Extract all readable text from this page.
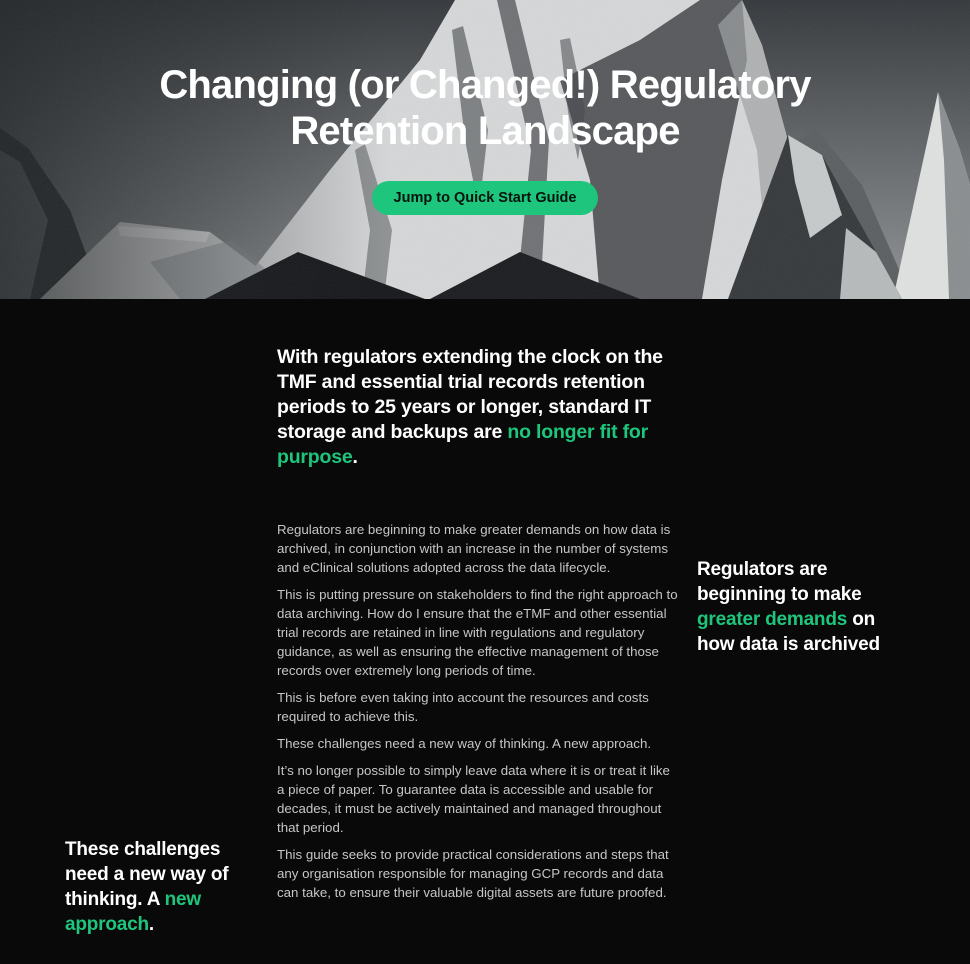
Changing (or Changed!) Regulatory
Retention Landscape
Jump to Quick Start Guide
With regulators extending the clock on the TMF and essential trial records retention periods to 25 years or longer, standard IT storage and backups are no longer fit for purpose.
Regulators are beginning to make greater demands on how data is archived

Regulators are beginning to make greater demands on how data is archived, in conjunction with an increase in the number of systems and eClinical solutions adopted across the data lifecycle.

This is putting pressure on stakeholders to find the right approach to data archiving. How do I ensure that the eTMF and other essential trial records are retained in line with regulations and regulatory guidance, as well as ensuring the effective management of those records over extremely long periods of time.

This is before even taking into account the resources and costs required to achieve this.

These challenges need a new way of thinking. A new approach.

It’s no longer possible to simply leave data where it is or treat it like a piece of paper. To guarantee data is accessible and usable for decades, it must be actively maintained and managed throughout that period.

This guide seeks to provide practical considerations and steps that any organisation responsible for managing GCP records and data can take, to ensure their valuable digital assets are future proofed.

These challenges need a new way of thinking. A new approach.
